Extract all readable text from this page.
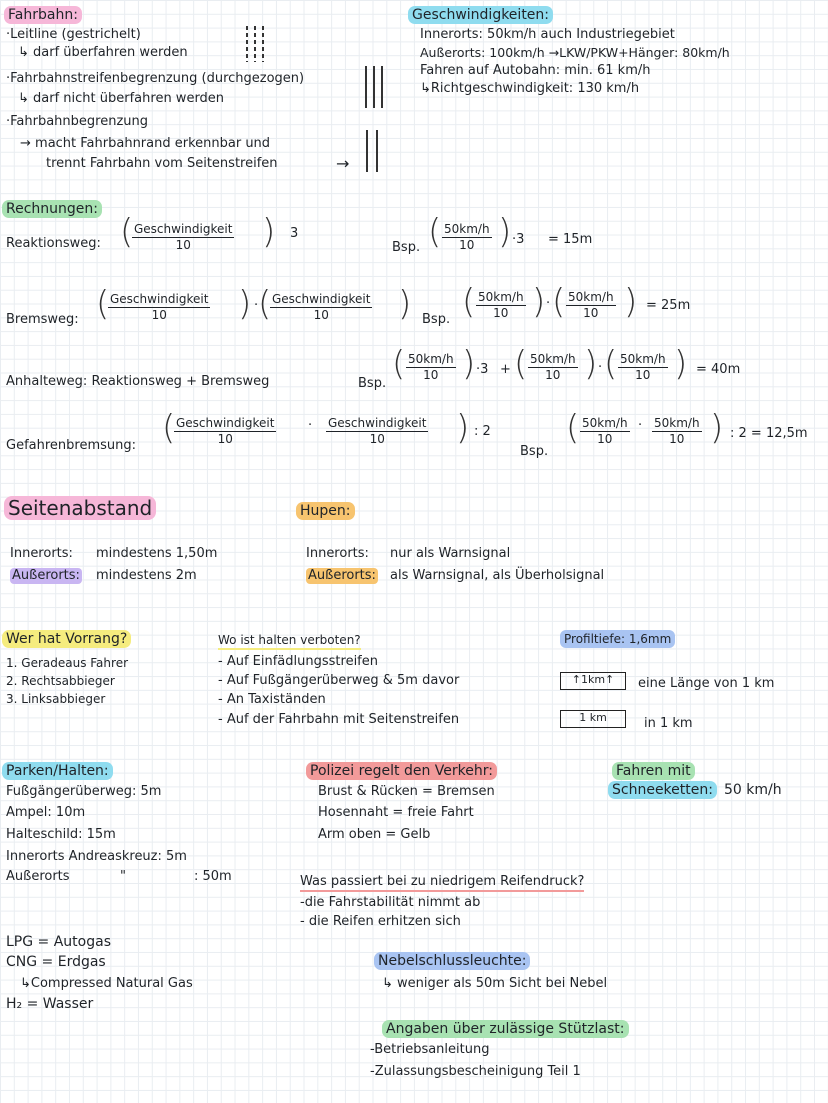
Fahrbahn:
·Leitline (gestrichelt)
↳ darf überfahren werden
·Fahrbahnstreifenbegrenzung (durchgezogen)
↳ darf nicht überfahren werden
·Fahrbahnbegrenzung
→ macht Fahrbahnrand erkennbar und
trennt Fahrbahn vom Seitenstreifen	→
Geschwindigkeiten:
Innerorts: 50km/h auch Industriegebiet
Außerorts: 100km/h →LKW/PKW+Hänger: 80km/h
Fahren auf Autobahn: min. 61 km/h
↳Richtgeschwindigkeit: 130 km/h
Rechnungen:
Reaktionsweg: (
$\frac{\text{Geschwindigkeit}}{10}$ ) 3
Bsp. ( $\frac{50km/h}{10}$ ) ·3 = 15m
Bremsweg: (
$\frac{\text{Geschwindigkeit}}{10}$ ) · (
$\frac{\text{Geschwindigkeit}}{10}$ ) Bsp. ( $\frac{50km/h}{10}$ ) · ( $\frac{50km/h}{10}$ ) = 25m
Anhalteweg: Reaktionsweg + Bremsweg	Bsp. ( $\frac{50km/h}{10}$ ) ·3 + ( $\frac{50km/h}{10}$ ) · ( $\frac{50km/h}{10}$ ) = 40m
Gefahrenbremsung: (
$\frac{\text{Geschwindigkeit}}{10} \cdot \frac{\text{Geschwindigkeit}}{10}$ ) : 2
Bsp.
( $\frac{50km/h}{10} \cdot \frac{50km/h}{10}$ ) : 2 = 12,5m
Seitenabstand
Innerorts: mindestens 1,50m
Außerorts: mindestens 2m
Hupen:
Innerorts: nur als Warnsignal
Außerorts: als Warnsignal, als Überholsignal
Wer hat Vorrang?
1. Geradeaus Fahrer
2. Rechtsabbieger
3. Linksabbieger
Wo ist halten verboten?
- Auf Einfädlungsstreifen
- Auf Fußgängerüberweg & 5m davor
- An Taxiständen
- Auf der Fahrbahn mit Seitenstreifen
Profiltiefe: 1,6mm
↑1km↑	eine Länge von 1 km
1 km	in 1 km
Parken/Halten:
Fußgängerüberweg: 5m
Ampel: 10m
Halteschild: 15m
Innerorts Andreaskreuz: 5m
Außerorts	"	: 50m
Polizei regelt den Verkehr:
Brust & Rücken = Bremsen
Hosennaht = freie Fahrt
Arm oben = Gelb
Fahren mit
Schneeketten: 50 km/h
Was passiert bei zu niedrigem Reifendruck?
-die Fahrstabilität nimmt ab
- die Reifen erhitzen sich
LPG = Autogas
CNG = Erdgas
↳Compressed Natural Gas
H₂ = Wasser
Nebelschlussleuchte:
↳ weniger als 50m Sicht bei Nebel
Angaben über zulässige Stützlast:
-Betriebsanleitung
-Zulassungsbescheinigung Teil 1
